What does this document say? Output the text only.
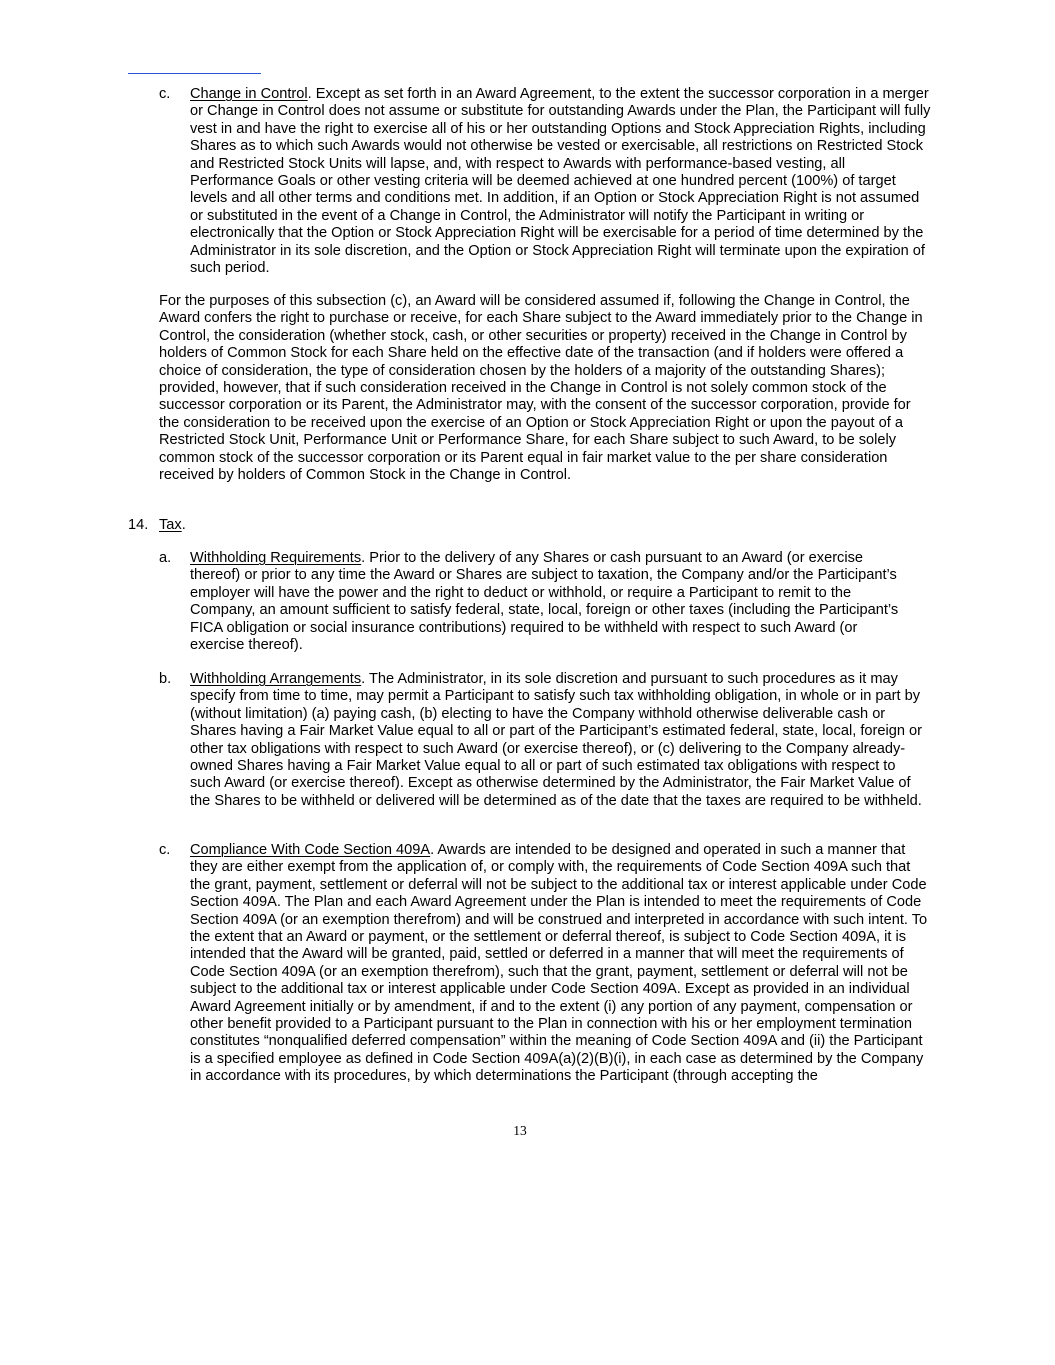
c. Change in Control. Except as set forth in an Award Agreement, to the extent the successor corporation in a merger or Change in Control does not assume or substitute for outstanding Awards under the Plan, the Participant will fully vest in and have the right to exercise all of his or her outstanding Options and Stock Appreciation Rights, including Shares as to which such Awards would not otherwise be vested or exercisable, all restrictions on Restricted Stock and Restricted Stock Units will lapse, and, with respect to Awards with performance-based vesting, all Performance Goals or other vesting criteria will be deemed achieved at one hundred percent (100%) of target levels and all other terms and conditions met. In addition, if an Option or Stock Appreciation Right is not assumed or substituted in the event of a Change in Control, the Administrator will notify the Participant in writing or electronically that the Option or Stock Appreciation Right will be exercisable for a period of time determined by the Administrator in its sole discretion, and the Option or Stock Appreciation Right will terminate upon the expiration of such period.

For the purposes of this subsection (c), an Award will be considered assumed if, following the Change in Control, the Award confers the right to purchase or receive, for each Share subject to the Award immediately prior to the Change in Control, the consideration (whether stock, cash, or other securities or property) received in the Change in Control by holders of Common Stock for each Share held on the effective date of the transaction (and if holders were offered a choice of consideration, the type of consideration chosen by the holders of a majority of the outstanding Shares); provided, however, that if such consideration received in the Change in Control is not solely common stock of the successor corporation or its Parent, the Administrator may, with the consent of the successor corporation, provide for the consideration to be received upon the exercise of an Option or Stock Appreciation Right or upon the payout of a Restricted Stock Unit, Performance Unit or Performance Share, for each Share subject to such Award, to be solely common stock of the successor corporation or its Parent equal in fair market value to the per share consideration received by holders of Common Stock in the Change in Control.

14. Tax.
a. Withholding Requirements. Prior to the delivery of any Shares or cash pursuant to an Award (or exercise thereof) or prior to any time the Award or Shares are subject to taxation, the Company and/or the Participant’s employer will have the power and the right to deduct or withhold, or require a Participant to remit to the Company, an amount sufficient to satisfy federal, state, local, foreign or other taxes (including the Participant’s FICA obligation or social insurance contributions) required to be withheld with respect to such Award (or exercise thereof).

b. Withholding Arrangements. The Administrator, in its sole discretion and pursuant to such procedures as it may specify from time to time, may permit a Participant to satisfy such tax withholding obligation, in whole or in part by (without limitation) (a) paying cash, (b) electing to have the Company withhold otherwise deliverable cash or Shares having a Fair Market Value equal to all or part of the Participant’s estimated federal, state, local, foreign or other tax obligations with respect to such Award (or exercise thereof), or (c) delivering to the Company already-owned Shares having a Fair Market Value equal to all or part of such estimated tax obligations with respect to such Award (or exercise thereof). Except as otherwise determined by the Administrator, the Fair Market Value of the Shares to be withheld or delivered will be determined as of the date that the taxes are required to be withheld.

c. Compliance With Code Section 409A. Awards are intended to be designed and operated in such a manner that they are either exempt from the application of, or comply with, the requirements of Code Section 409A such that the grant, payment, settlement or deferral will not be subject to the additional tax or interest applicable under Code Section 409A. The Plan and each Award Agreement under the Plan is intended to meet the requirements of Code Section 409A (or an exemption therefrom) and will be construed and interpreted in accordance with such intent. To the extent that an Award or payment, or the settlement or deferral thereof, is subject to Code Section 409A, it is intended that the Award will be granted, paid, settled or deferred in a manner that will meet the requirements of Code Section 409A (or an exemption therefrom), such that the grant, payment, settlement or deferral will not be subject to the additional tax or interest applicable under Code Section 409A. Except as provided in an individual Award Agreement initially or by amendment, if and to the extent (i) any portion of any payment, compensation or other benefit provided to a Participant pursuant to the Plan in connection with his or her employment termination constitutes “nonqualified deferred compensation” within the meaning of Code Section 409A and (ii) the Participant is a specified employee as defined in Code Section 409A(a)(2)(B)(i), in each case as determined by the Company in accordance with its procedures, by which determinations the Participant (through accepting the

13
